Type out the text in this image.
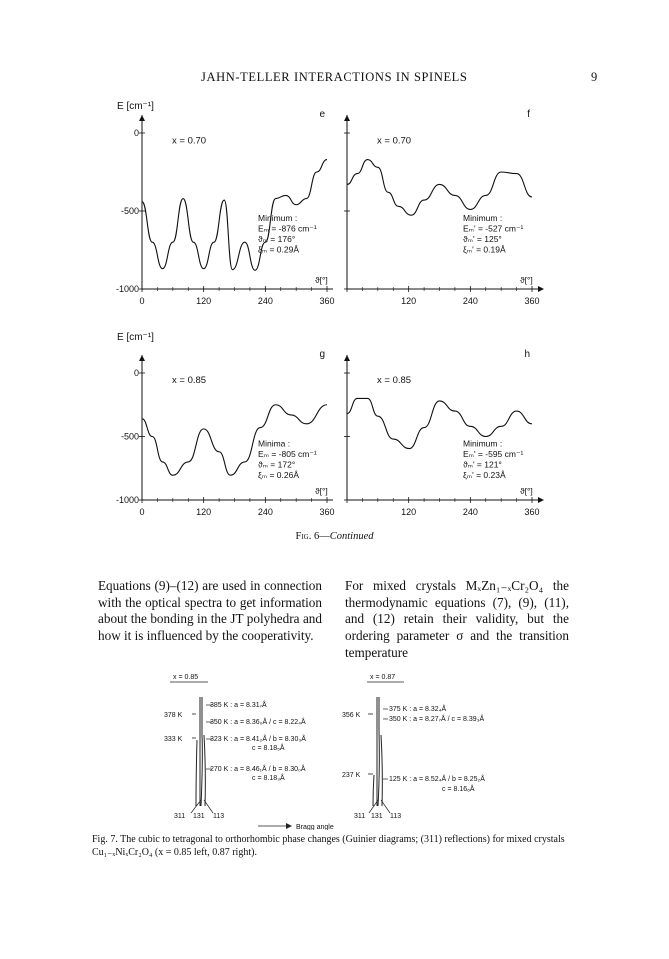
JAHN-TELLER INTERACTIONS IN SPINELS	9
0	120	240	360
0
-500
-1000
E [cm⁻¹]
e
x = 0.70
Minimum :
Eₘ = -876 cm⁻¹
ϑₘ = 176°
ξₘ = 0.29Å
ϑ[°]
120	240	360
f
x = 0.70
Minimum :
Eₘ' = -527 cm⁻¹
ϑₘ' = 125°
ξₘ' = 0.19Å
ϑ[°]
0	120	240	360
0
-500
-1000
E [cm⁻¹]
g
x = 0.85
Minima :
Eₘ = -805 cm⁻¹
ϑₘ = 172°
ξₘ = 0.26Å
ϑ[°]
120	240	360
h
x = 0.85
Minimum :
Eₘ' = -595 cm⁻¹
ϑₘ' = 121°
ξₘ' = 0.23Å
ϑ[°]
Fig. 6—Continued
Equations (9)–(12) are used in connection with the optical spectra to get information about the bonding in the JT polyhedra and how it is influenced by the cooperativity.
For mixed crystals MₓZn₁₋ₓCr₂O₄ the thermodynamic equations (7), (9), (11), and (12) retain their validity, but the ordering parameter σ and the transition temperature
x = 0.85
378 K
333 K
385 K : a = 8.31₇Å
350 K : a = 8.36₀Å / c = 8.22₄Å
323 K : a = 8.41₂Å / b = 8.30₃Å
c = 8.18₅Å
270 K : a = 8.46₁Å / b = 8.30₀Å
c = 8.18₃Å
311 131 113
x = 0.87
356 K
237 K
375 K : a = 8.32₄Å
350 K : a = 8.27₇Å / c = 8.39₃Å
125 K : a = 8.52₄Å / b = 8.25₂Å
c = 8.16₆Å
311 131 113
Bragg angle
Fig. 7. The cubic to tetragonal to orthorhombic phase changes (Guinier diagrams; (311) reflections) for mixed crystals Cu₁₋ₓNiₓCr₂O₄ (x = 0.85 left, 0.87 right).
